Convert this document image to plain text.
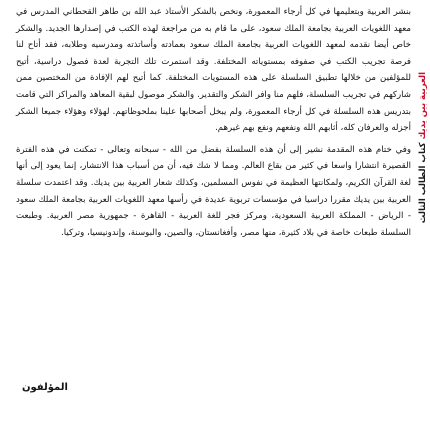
العربية بين يديك كتاب الطالب الثالث

بنشر العربية وبتعليمها في كل أرجاء المعمورة، ونخص بالشكر الأستاذ عبد الله بن طاهر القحطاني المدرس في معهد اللغويات العربية بجامعة الملك سعود، على ما قام به من مراجعة لهذه الكتب في إصدارها الجديد. والشكر خاص أيضا نقدمه لمعهد اللغويات العربية بجامعة الملك سعود بعمادته وأساتذته ومدرسيه وطلابه، فقد أتاح لنا فرصة تجريب الكتب في صفوفه بمستوياته المختلفة. وقد استمرت تلك التجربة لعدة فصول دراسية، أتيح للمؤلفين من خلالها تطبيق السلسلة على هذه المستويات المختلفة. كما أتيح لهم الإفادة من المختصين ممن شاركهم في تجريب السلسلة، فلهم منا وافر الشكر والتقدير. والشكر موصول لبقية المعاهد والمراكز التي قامت بتدريس هذه السلسلة في كل أرجاء المعمورة، ولم يبخل أصحابها علينا بملحوظاتهم. لهؤلاء وهؤلاء جميعا الشكر أجزله والعرفان كله، أثابهم الله ونفعهم ونفع بهم غيرهم.

وفي ختام هذه المقدمة نشير إلى أن هذه السلسلة بفضل من الله - سبحانه وتعالى - تمكنت في هذه الفترة القصيرة انتشارا واسعا في كثير من بقاع العالم. ومما لا شك فيه، أن من أسباب هذا الانتشار، إنما يعود إلى أنها لغة القرآن الكريم، ولمكانتها العظيمة في نفوس المسلمين، وكذلك شعار العربية بين يديك. وقد اعتمدت سلسلة العربية بين يديك مقررا دراسيا في مؤسسات تربوية عديدة في رأسها معهد اللغويات العربية بجامعة الملك سعود - الرياض - المملكة العربية السعودية، ومركز فجر للغة العربية - القاهرة - جمهورية مصر العربية. وطبعت السلسلة طبعات خاصة في بلاد كثيرة، منها مصر، وأفغانستان، والصين، والبوسنة، وإندونيسيا، وتركيا.

المؤلفون
